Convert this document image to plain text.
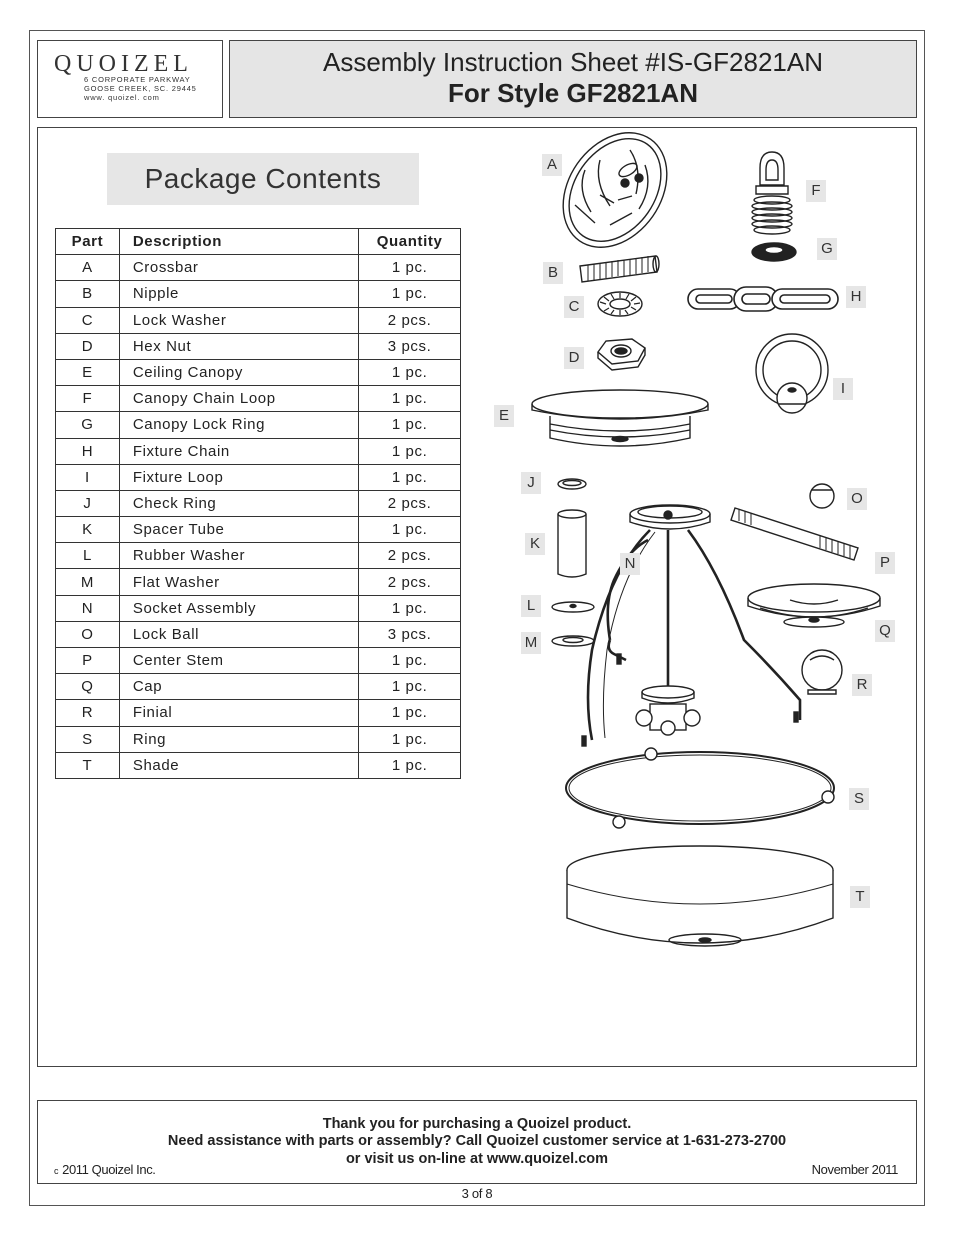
QUOIZEL
6 CORPORATE PARKWAY
GOOSE CREEK, SC. 29445
www. quoizel. com
Assembly Instruction Sheet #IS-GF2821AN
For Style GF2821AN
Package Contents
Part	Description	Quantity
A	Crossbar	1 pc.
B	Nipple	1 pc.
C	Lock Washer	2 pcs.
D	Hex Nut	3 pcs.
E	Ceiling Canopy	1 pc.
F	Canopy Chain Loop	1 pc.
G	Canopy Lock Ring	1 pc.
H	Fixture Chain	1 pc.
I	Fixture Loop	1 pc.
J	Check Ring	2 pcs.
K	Spacer Tube	1 pc.
L	Rubber Washer	2 pcs.
M	Flat Washer	2 pcs.
N	Socket Assembly	1 pc.
O	Lock Ball	3 pcs.
P	Center Stem	1 pc.
Q	Cap	1 pc.
R	Finial	1 pc.
S	Ring	1 pc.
T	Shade	1 pc.
A
B
C
D
E
F
G
H
I
J
K
L
M
N
O
P
Q
R
S
T
Thank you for purchasing a Quoizel product.
Need assistance with parts or assembly? Call Quoizel customer service at 1-631-273-2700
or visit us on-line at www.quoizel.com
c 2011 Quoizel Inc.	November 2011
3 of 8
